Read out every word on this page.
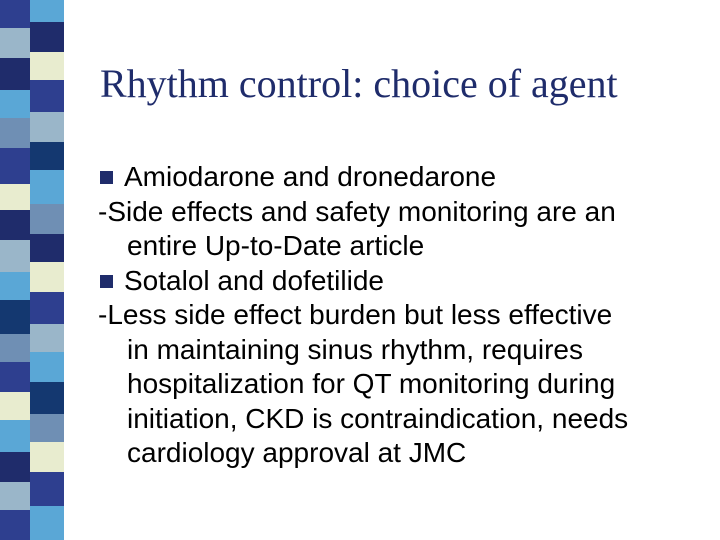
Rhythm control: choice of agent
Amiodarone and dronedarone
-Side effects and safety monitoring are an
entire Up-to-Date article
Sotalol and dofetilide
-Less side effect burden but less effective
in maintaining sinus rhythm, requires
hospitalization for QT monitoring during
initiation, CKD is contraindication, needs
cardiology approval at JMC
